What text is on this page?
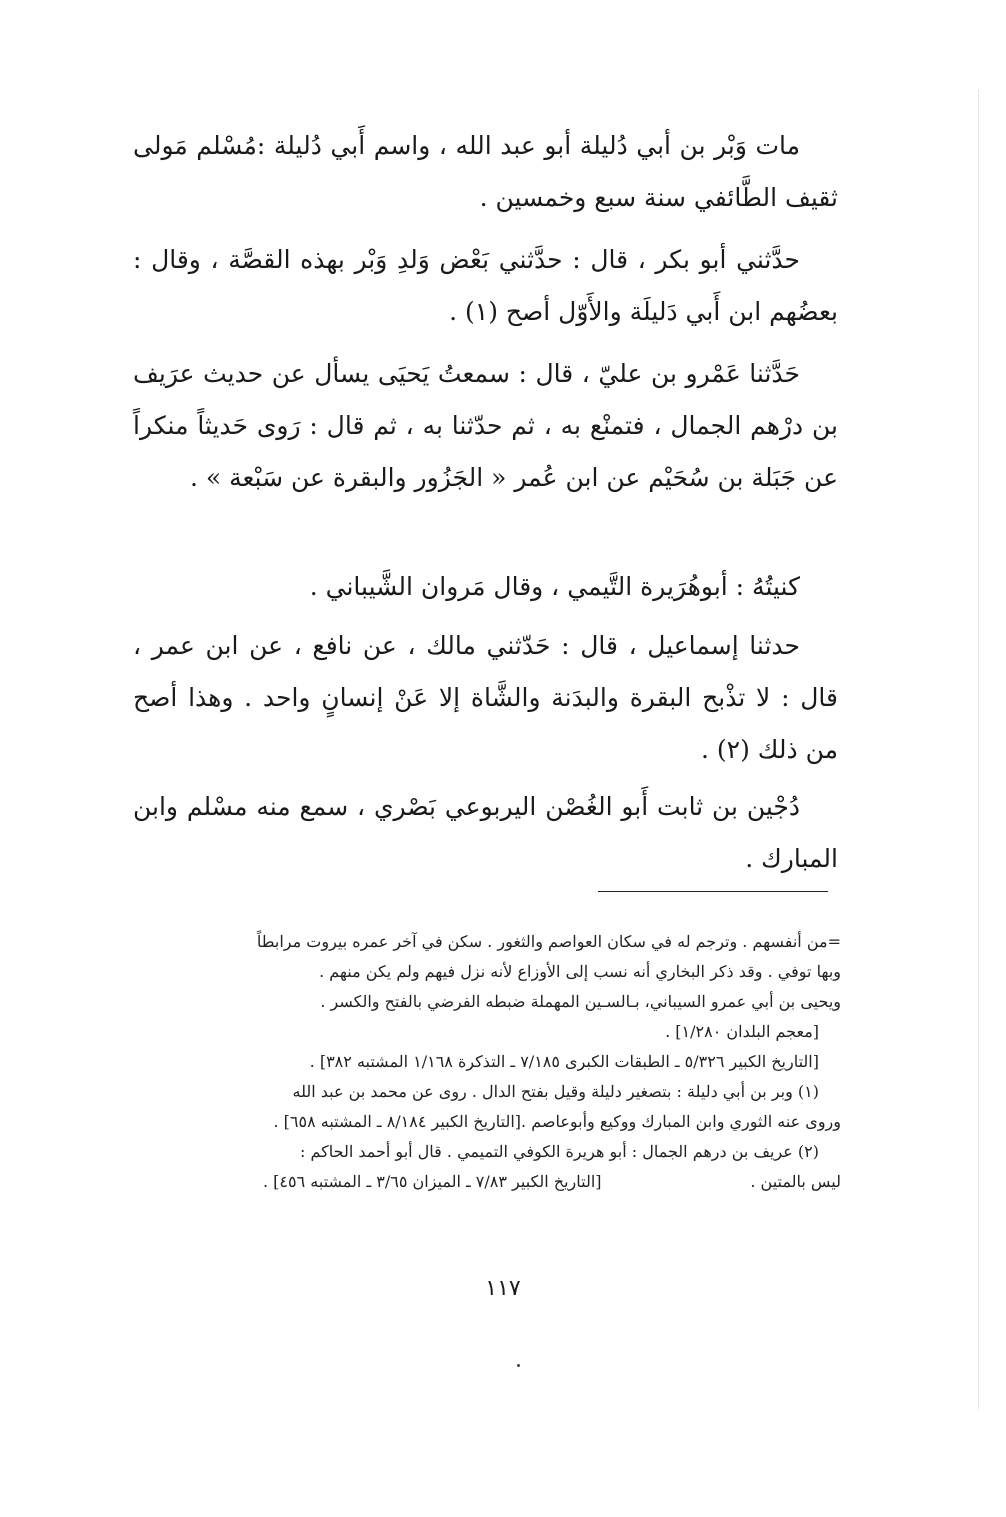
مات وَبْر بن أبي دُليلة أبو عبد الله ، واسم أَبي دُليلة :مُسْلم مَولى ثقيف الطَّائفي سنة سبع وخمسين .

حدَّثني أبو بكر ، قال : حدَّثني بَعْض وَلدِ وَبْر بهذه القصَّة ، وقال : بعضُهم ابن أَبي دَليلَة والأَوّل أصح (١) .

حَدَّثنا عَمْرو بن عليّ ، قال : سمعتُ يَحيَى يسأل عن حديث عرَيف بن درْهم الجمال ، فتمنْع به ، ثم حدّثنا به ، ثم قال : رَوى حَديثاً منكراً عن جَبَلة بن سُحَيْم عن ابن عُمر « الجَزُور والبقرة عن سَبْعة » .

كنيتُهُ : أبوهُرَيرة التَّيمي ، وقال مَروان الشَّيباني .

حدثنا إسماعيل ، قال : حَدّثني مالك ، عن نافع ، عن ابن عمر ، قال : لا تذْبح البقرة والبدَنة والشَّاة إلا عَنْ إنسانٍ واحد . وهذا أصح من ذلك (٢) .

دُجْين بن ثابت أَبو الغُصْن اليربوعي بَصْري ، سمع منه مسْلم وابن المبارك .

=من أنفسهم . وترجم له في سكان العواصم والثغور . سكن في آخر عمره بيروت مرابطاً

وبها توفي . وقد ذكر البخاري أنه نسب إلى الأوزاع لأنه نزل فيهم ولم يكن منهم .

ويحيى بن أبي عمرو السيباني، بـالسـين المهملة ضبطه الفرضي بالفتح والكسر .

[معجم البلدان ١/٢٨٠] .

[التاريخ الكبير ٥/٣٢٦ ـ الطبقات الكبرى ٧/١٨٥ ـ التذكرة ١/١٦٨ المشتبه ٣٨٢] .

(١) وبر بن أبي دليلة : بتصغير دليلة وقيل بفتح الدال . روى عن محمد بن عبد الله

وروى عنه الثوري وابن المبارك ووكيع وأبوعاصم .[التاريخ الكبير ٨/١٨٤ ـ المشتبه ٦٥٨] .

(٢) عريف بن درهم الجمال : أبو هريرة الكوفي التميمي . قال أبو أحمد الحاكم :

ليس بالمتين .
[التاريخ الكبير ٧/٨٣ ـ الميزان ٣/٦٥ ـ المشتبه ٤٥٦] .

١١٧
